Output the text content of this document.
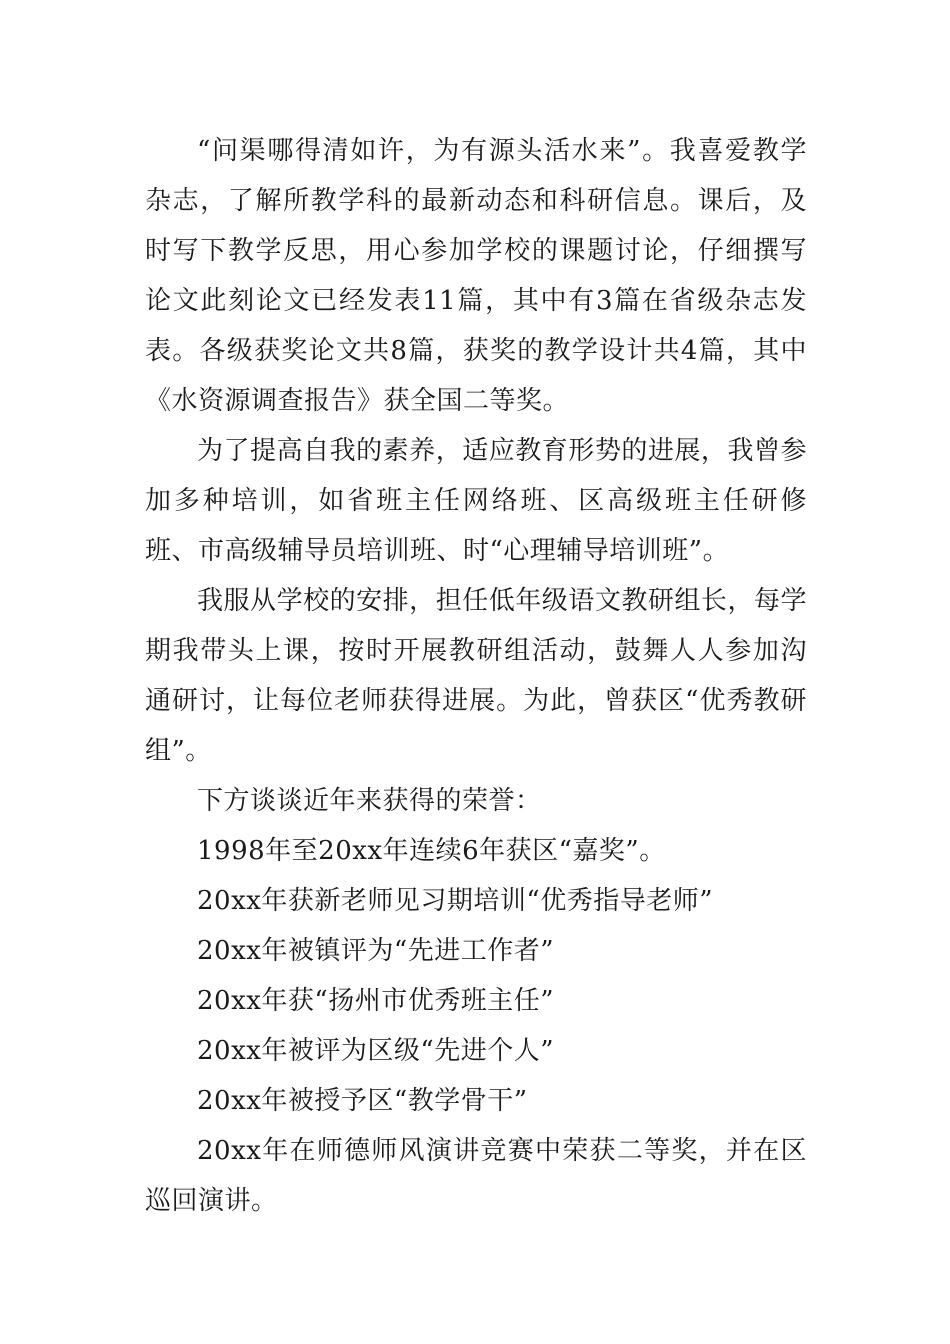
“问渠哪得清如许，为有源头活水来”。我喜爱教学杂志，了解所教学科的最新动态和科研信息。课后，及时写下教学反思，用心参加学校的课题讨论，仔细撰写论文此刻论文已经发表11篇，其中有3篇在省级杂志发表。各级获奖论文共8篇，获奖的教学设计共4篇，其中《水资源调查报告》获全国二等奖。

为了提高自我的素养，适应教育形势的进展，我曾参加多种培训，如省班主任网络班、区高级班主任研修班、市高级辅导员培训班、时“心理辅导培训班”。

我服从学校的安排，担任低年级语文教研组长，每学期我带头上课，按时开展教研组活动，鼓舞人人参加沟通研讨，让每位老师获得进展。为此，曾获区“优秀教研组”。

下方谈谈近年来获得的荣誉：

1998年至20xx年连续6年获区“嘉奖”。

20xx年获新老师见习期培训“优秀指导老师”

20xx年被镇评为“先进工作者”

20xx年获“扬州市优秀班主任”

20xx年被评为区级“先进个人”

20xx年被授予区“教学骨干”

20xx年在师德师风演讲竞赛中荣获二等奖，并在区巡回演讲。
